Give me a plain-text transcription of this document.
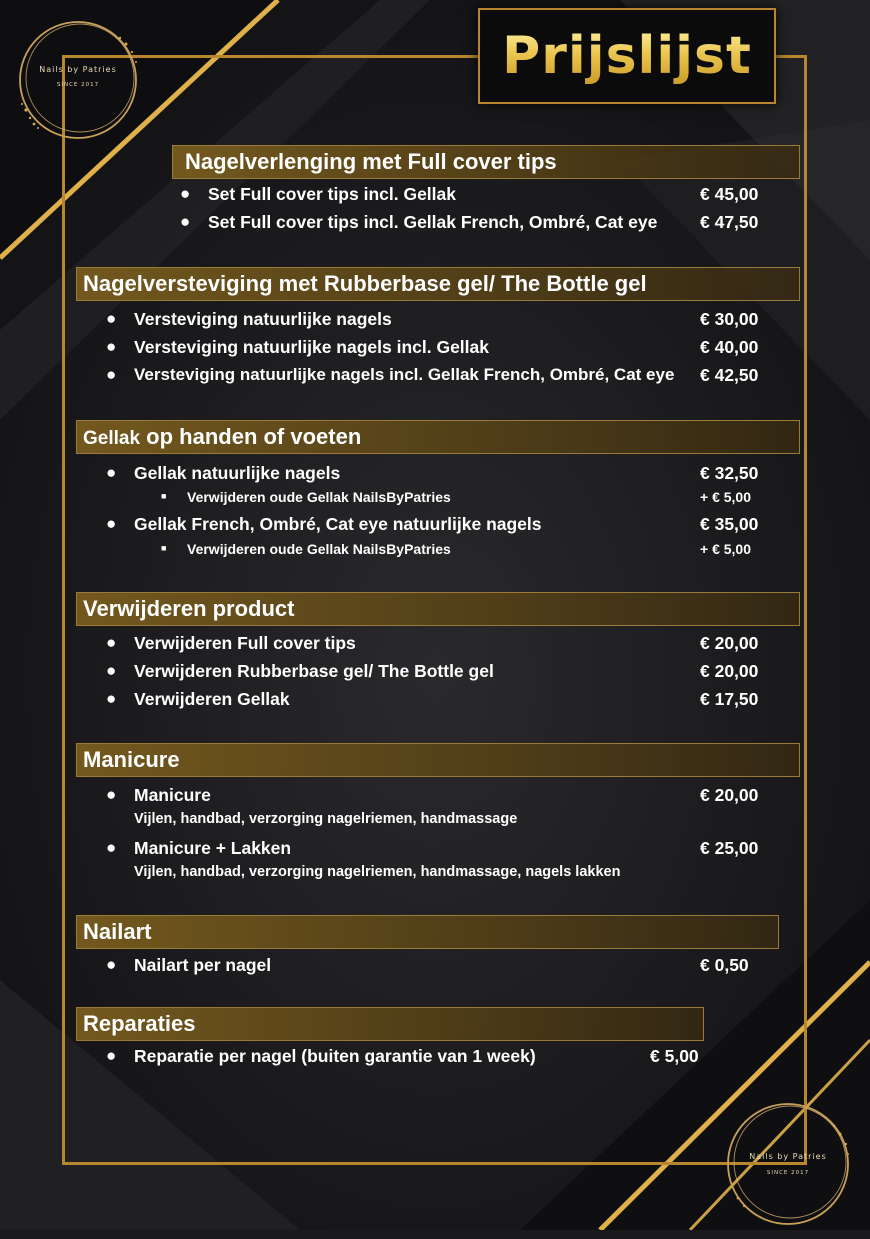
Nails by Patries
SINCE 2017
Nails by Patries
SINCE 2017
Prijslijst
Nagelverlenging met Full cover tips
● Set Full cover tips incl. Gellak	€ 45,00
● Set Full cover tips incl. Gellak French, Ombré, Cat eye € 47,50
Nagelversteviging met Rubberbase gel/ The Bottle gel
● Versteviging natuurlijke nagels	€ 30,00
● Versteviging natuurlijke nagels incl. Gellak	€ 40,00
● Versteviging natuurlijke nagels incl. Gellak French, Ombré, Cat eye € 42,50
Gellak op handen of voeten
● Gellak natuurlijke nagels	€ 32,50
■ Verwijderen oude Gellak NailsByPatries	+ € 5,00
● Gellak French, Ombré, Cat eye natuurlijke nagels	€ 35,00
■ Verwijderen oude Gellak NailsByPatries	+ € 5,00
Verwijderen product
● Verwijderen Full cover tips	€ 20,00
● Verwijderen Rubberbase gel/ The Bottle gel	€ 20,00
● Verwijderen Gellak	€ 17,50
Manicure
● Manicure	€ 20,00
Vijlen, handbad, verzorging nagelriemen, handmassage
● Manicure + Lakken	€ 25,00
Vijlen, handbad, verzorging nagelriemen, handmassage, nagels lakken
Nailart
● Nailart per nagel	€ 0,50
Reparaties
● Reparatie per nagel (buiten garantie van 1 week)	€ 5,00
